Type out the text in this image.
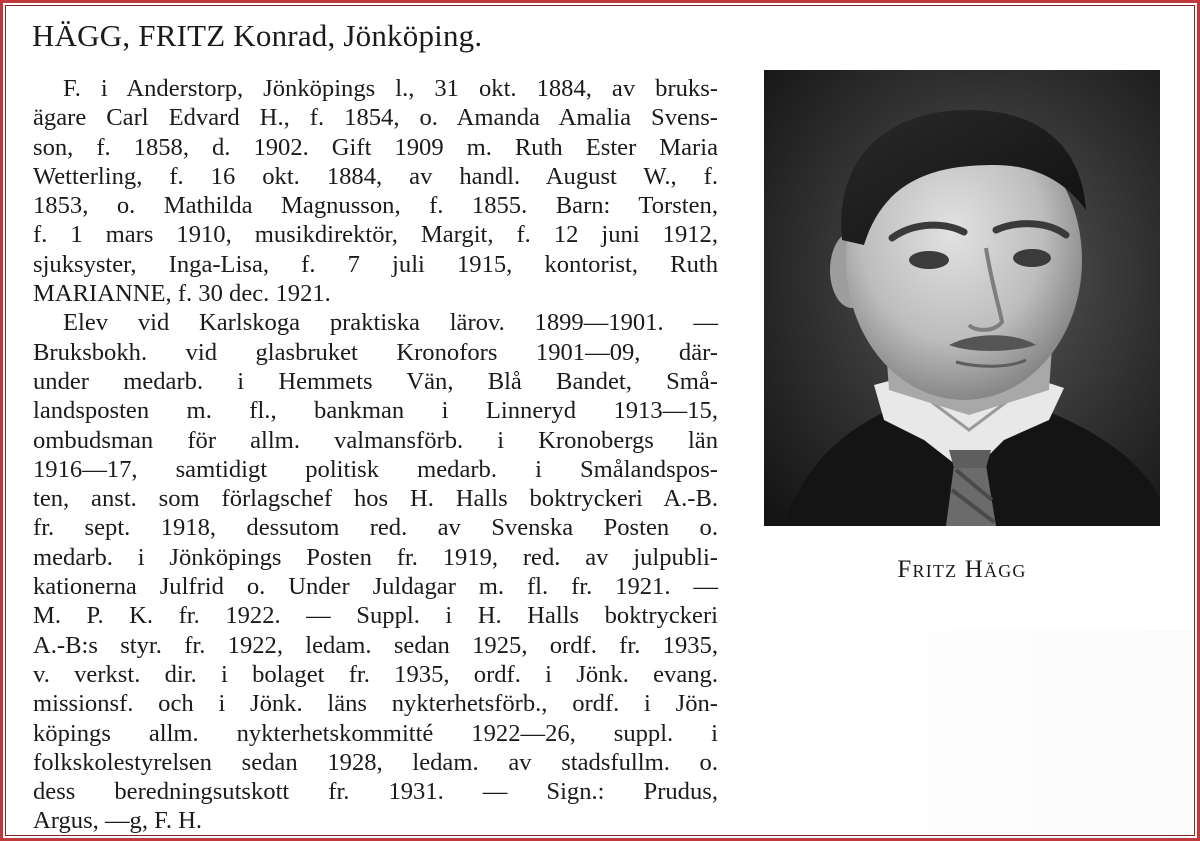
HÄGG, FRITZ Konrad, Jönköping.

F. i Anderstorp, Jönköpings l., 31 okt. 1884, av bruks-
ägare Carl Edvard H., f. 1854, o. Amanda Amalia Svens-
son, f. 1858, d. 1902. Gift 1909 m. Ruth Ester Maria
Wetterling, f. 16 okt. 1884, av handl. August W., f.
1853, o. Mathilda Magnusson, f. 1855. Barn: Torsten,
f. 1 mars 1910, musikdirektör, Margit, f. 12 juni 1912,
sjuksyster, Inga-Lisa, f. 7 juli 1915, kontorist, Ruth
MARIANNE, f. 30 dec. 1921.

Elev vid Karlskoga praktiska lärov. 1899—1901. —
Bruksbokh. vid glasbruket Kronofors 1901—09, där-
under medarb. i Hemmets Vän, Blå Bandet, Små-
landsposten m. fl., bankman i Linneryd 1913—15,
ombudsman för allm. valmansförb. i Kronobergs län
1916—17, samtidigt politisk medarb. i Smålandspos-
ten, anst. som förlagschef hos H. Halls boktryckeri A.-B.
fr. sept. 1918, dessutom red. av Svenska Posten o.
medarb. i Jönköpings Posten fr. 1919, red. av julpubli-
kationerna Julfrid o. Under Juldagar m. fl. fr. 1921. —
M. P. K. fr. 1922. — Suppl. i H. Halls boktryckeri
A.-B:s styr. fr. 1922, ledam. sedan 1925, ordf. fr. 1935,
v. verkst. dir. i bolaget fr. 1935, ordf. i Jönk. evang.
missionsf. och i Jönk. läns nykterhetsförb., ordf. i Jön-
köpings allm. nykterhetskommitté 1922—26, suppl. i
folkskolestyrelsen sedan 1928, ledam. av stadsfullm. o.
dess beredningsutskott fr. 1931. — Sign.: Prudus,
Argus, —g, F. H.

Fritz Hägg
